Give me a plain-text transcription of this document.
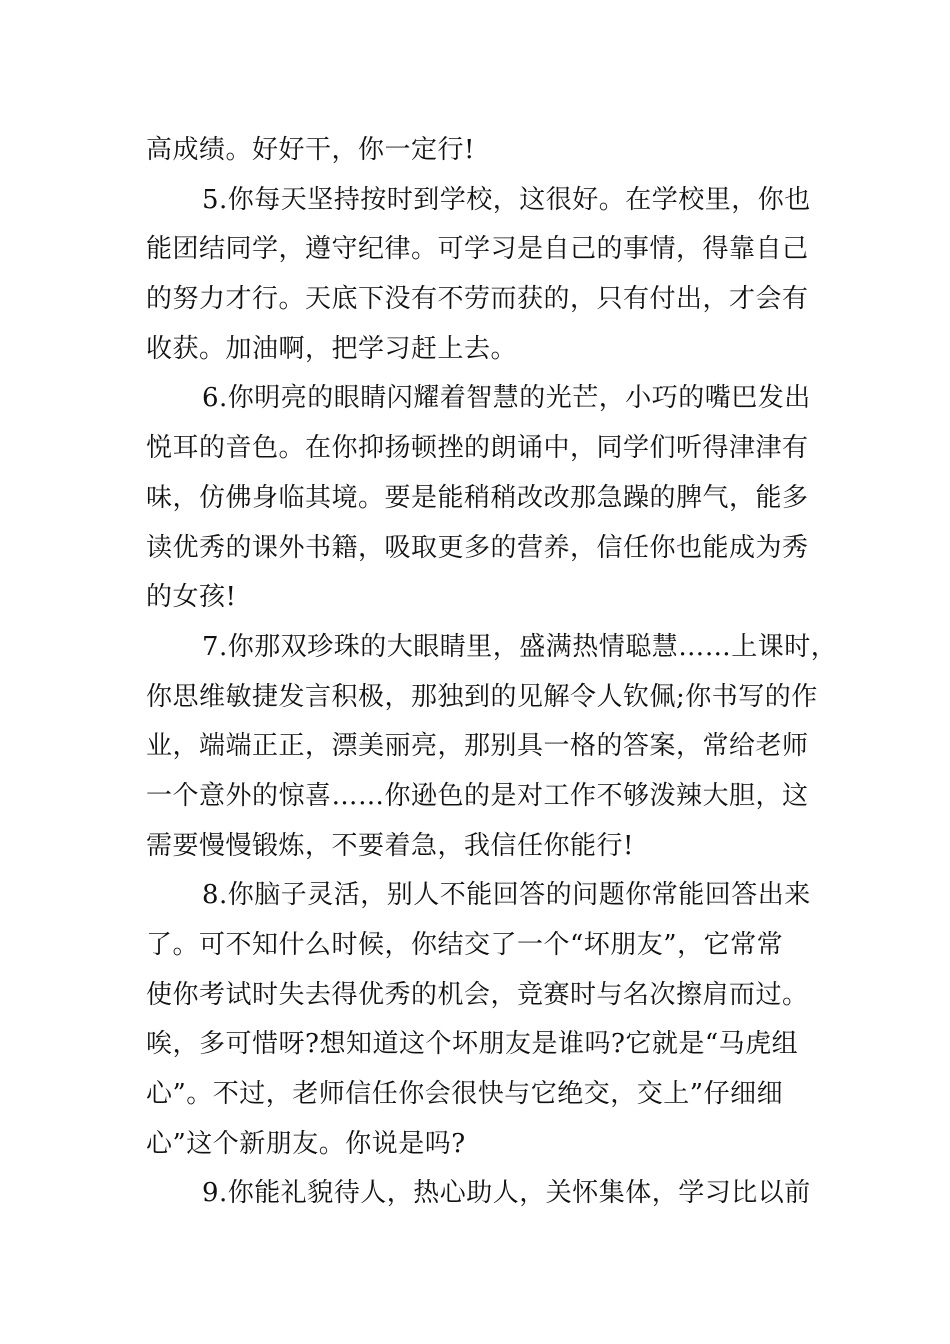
高成绩。好好干，你一定行!
5.你每天坚持按时到学校，这很好。在学校里，你也
能团结同学，遵守纪律。可学习是自己的事情，得靠自己
的努力才行。天底下没有不劳而获的，只有付出，才会有
收获。加油啊，把学习赶上去。
6.你明亮的眼睛闪耀着智慧的光芒，小巧的嘴巴发出
悦耳的音色。在你抑扬顿挫的朗诵中，同学们听得津津有
味，仿佛身临其境。要是能稍稍改改那急躁的脾气，能多
读优秀的课外书籍，吸取更多的营养，信任你也能成为秀
的女孩!
7.你那双珍珠的大眼睛里，盛满热情聪慧……上课时，
你思维敏捷发言积极，那独到的见解令人钦佩;你书写的作
业，端端正正，漂美丽亮，那别具一格的答案，常给老师
一个意外的惊喜……你逊色的是对工作不够泼辣大胆，这
需要慢慢锻炼，不要着急，我信任你能行!
8.你脑子灵活，别人不能回答的问题你常能回答出来
了。可不知什么时候，你结交了一个“坏朋友”，它常常
使你考试时失去得优秀的机会，竞赛时与名次擦肩而过。
唉，多可惜呀?想知道这个坏朋友是谁吗?它就是“马虎组
心”。不过，老师信任你会很快与它绝交，交上”仔细细
心”这个新朋友。你说是吗?
9.你能礼貌待人，热心助人，关怀集体，学习比以前
